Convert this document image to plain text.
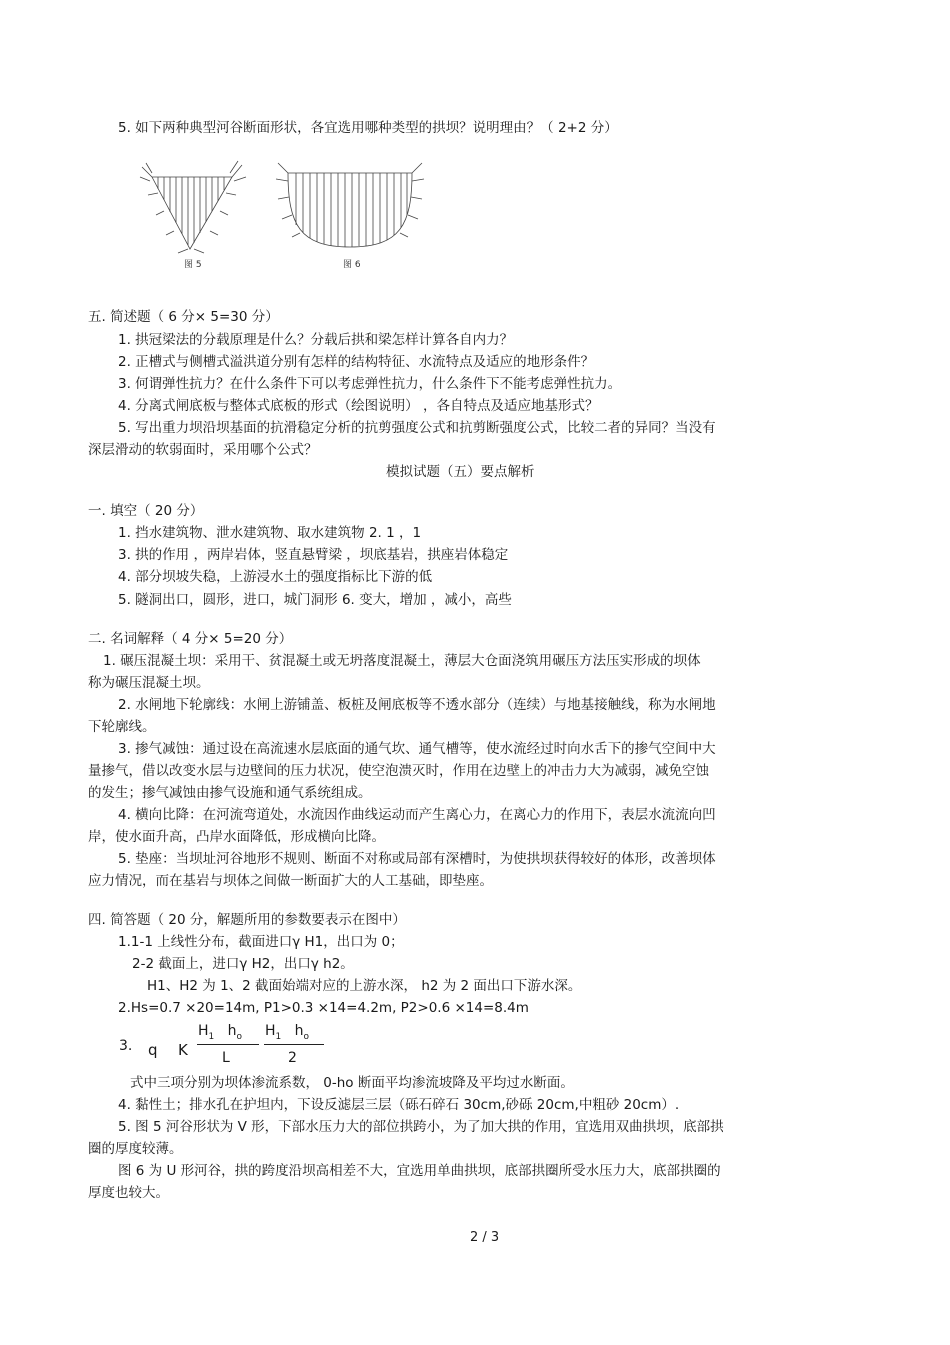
5. 如下两种典型河谷断面形状，各宜选用哪种类型的拱坝？说明理由？（ 2+2 分）
图 5	图 6
五. 简述题（ 6 分× 5=30 分）
1. 拱冠梁法的分载原理是什么？分载后拱和梁怎样计算各自内力？
2. 正槽式与侧槽式溢洪道分别有怎样的结构特征、水流特点及适应的地形条件？
3. 何谓弹性抗力？在什么条件下可以考虑弹性抗力，什么条件下不能考虑弹性抗力。
4. 分离式闸底板与整体式底板的形式（绘图说明） ，各自特点及适应地基形式？
5. 写出重力坝沿坝基面的抗滑稳定分析的抗剪强度公式和抗剪断强度公式，比较二者的异同？当没有
深层滑动的软弱面时，采用哪个公式？
模拟试题（五）要点解析
一. 填空（ 20 分）
1. 挡水建筑物、泄水建筑物、取水建筑物 2. 1 ，1
3. 拱的作用 ，两岸岩体，竖直悬臂梁 ，坝底基岩，拱座岩体稳定
4. 部分坝坡失稳，上游浸水土的强度指标比下游的低
5. 隧洞出口，圆形，进口，城门洞形 6. 变大，增加 ，减小，高些
二. 名词解释（ 4 分× 5=20 分）
1. 碾压混凝土坝：采用干、贫混凝土或无坍落度混凝土，薄层大仓面浇筑用碾压方法压实形成的坝体
称为碾压混凝土坝。
2. 水闸地下轮廓线：水闸上游铺盖、板桩及闸底板等不透水部分（连续）与地基接触线，称为水闸地
下轮廓线。
3. 掺气减蚀：通过设在高流速水层底面的通气坎、通气槽等，使水流经过时向水舌下的掺气空间中大
量掺气，借以改变水层与边壁间的压力状况，使空泡溃灭时，作用在边壁上的冲击力大为减弱，减免空蚀
的发生；掺气减蚀由掺气设施和通气系统组成。
4. 横向比降：在河流弯道处，水流因作曲线运动而产生离心力，在离心力的作用下，表层水流流向凹
岸，使水面升高，凸岸水面降低，形成横向比降。
5. 垫座：当坝址河谷地形不规则、断面不对称或局部有深槽时，为使拱坝获得较好的体形，改善坝体
应力情况，而在基岩与坝体之间做一断面扩大的人工基础，即垫座。
四. 简答题（ 20 分，解题所用的参数要表示在图中）
1.1-1 上线性分布，截面进口γ H1，出口为 0；
2-2 截面上，进口γ H2，出口γ h2。
H1、H2 为 1、2 截面始端对应的上游水深， h2 为 2 面出口下游水深。
2.Hs=0.7 ×20=14m, P1>0.3 ×14=4.2m, P2>0.6 ×14=8.4m
3. q K
$H_1$ $h_o$
L
$H_1$ $h_o$
2
式中三项分别为坝体渗流系数， 0-ho 断面平均渗流坡降及平均过水断面。
4. 黏性土；排水孔在护坦内，下设反滤层三层（砾石碎石 30cm,砂砾 20cm,中粗砂 20cm）.
5. 图 5 河谷形状为 V 形，下部水压力大的部位拱跨小，为了加大拱的作用，宜选用双曲拱坝，底部拱
圈的厚度较薄。
图 6 为 U 形河谷，拱的跨度沿坝高相差不大，宜选用单曲拱坝，底部拱圈所受水压力大，底部拱圈的
厚度也较大。
2 / 3
